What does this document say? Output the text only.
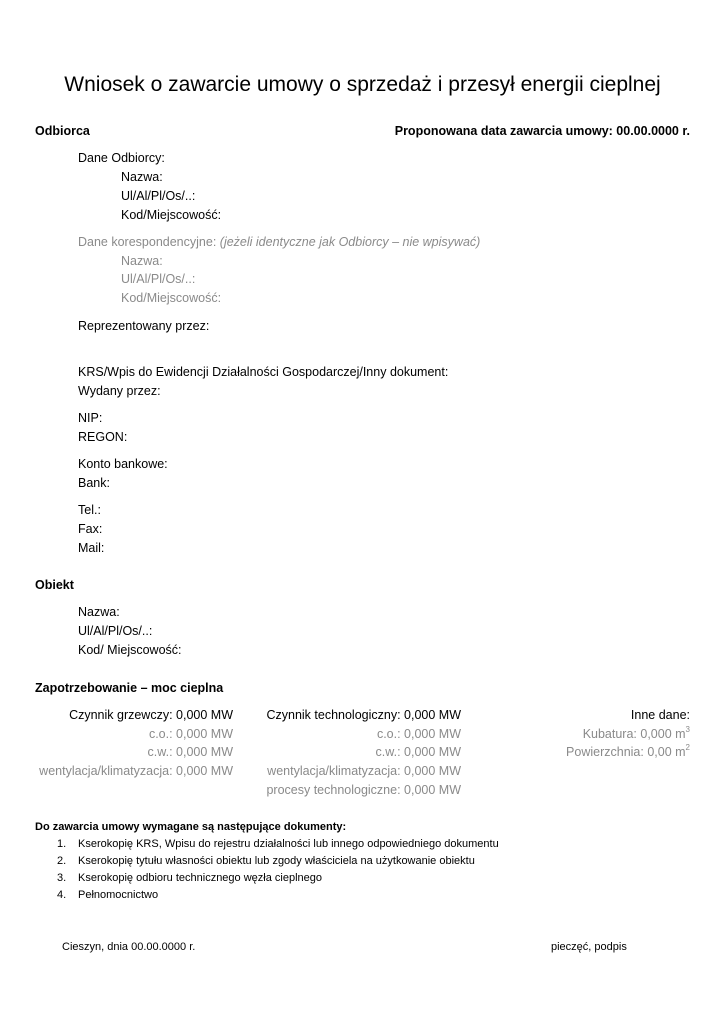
Wniosek o zawarcie umowy o sprzedaż i przesył energii cieplnej
Odbiorca	Proponowana data zawarcia umowy: 00.00.0000 r.
Dane Odbiorcy:
Nazwa:
Ul/Al/Pl/Os/..:
Kod/Miejscowość:
Dane korespondencyjne: (jeżeli identyczne jak Odbiorcy – nie wpisywać)
Nazwa:
Ul/Al/Pl/Os/..:
Kod/Miejscowość:
Reprezentowany przez:
KRS/Wpis do Ewidencji Działalności Gospodarczej/Inny dokument:
Wydany przez:
NIP:
REGON:
Konto bankowe:
Bank:
Tel.:
Fax:
Mail:
Obiekt
Nazwa:
Ul/Al/Pl/Os/..:
Kod/ Miejscowość:
Zapotrzebowanie – moc cieplna
Czynnik grzewczy: 0,000 MW
c.o.: 0,000 MW
c.w.: 0,000 MW
wentylacja/klimatyzacja: 0,000 MW
Czynnik technologiczny: 0,000 MW
c.o.: 0,000 MW
c.w.: 0,000 MW
wentylacja/klimatyzacja: 0,000 MW
procesy technologiczne: 0,000 MW
Inne dane:
Kubatura: 0,000 $m^3$
Powierzchnia: 0,00 $m^2$
Do zawarcia umowy wymagane są następujące dokumenty:
1. Kserokopię KRS, Wpisu do rejestru działalności lub innego odpowiedniego dokumentu
2. Kserokopię tytułu własności obiektu lub zgody właściciela na użytkowanie obiektu
3. Kserokopię odbioru technicznego węzła cieplnego
4. Pełnomocnictwo
Cieszyn, dnia 00.00.0000 r.	pieczęć, podpis
